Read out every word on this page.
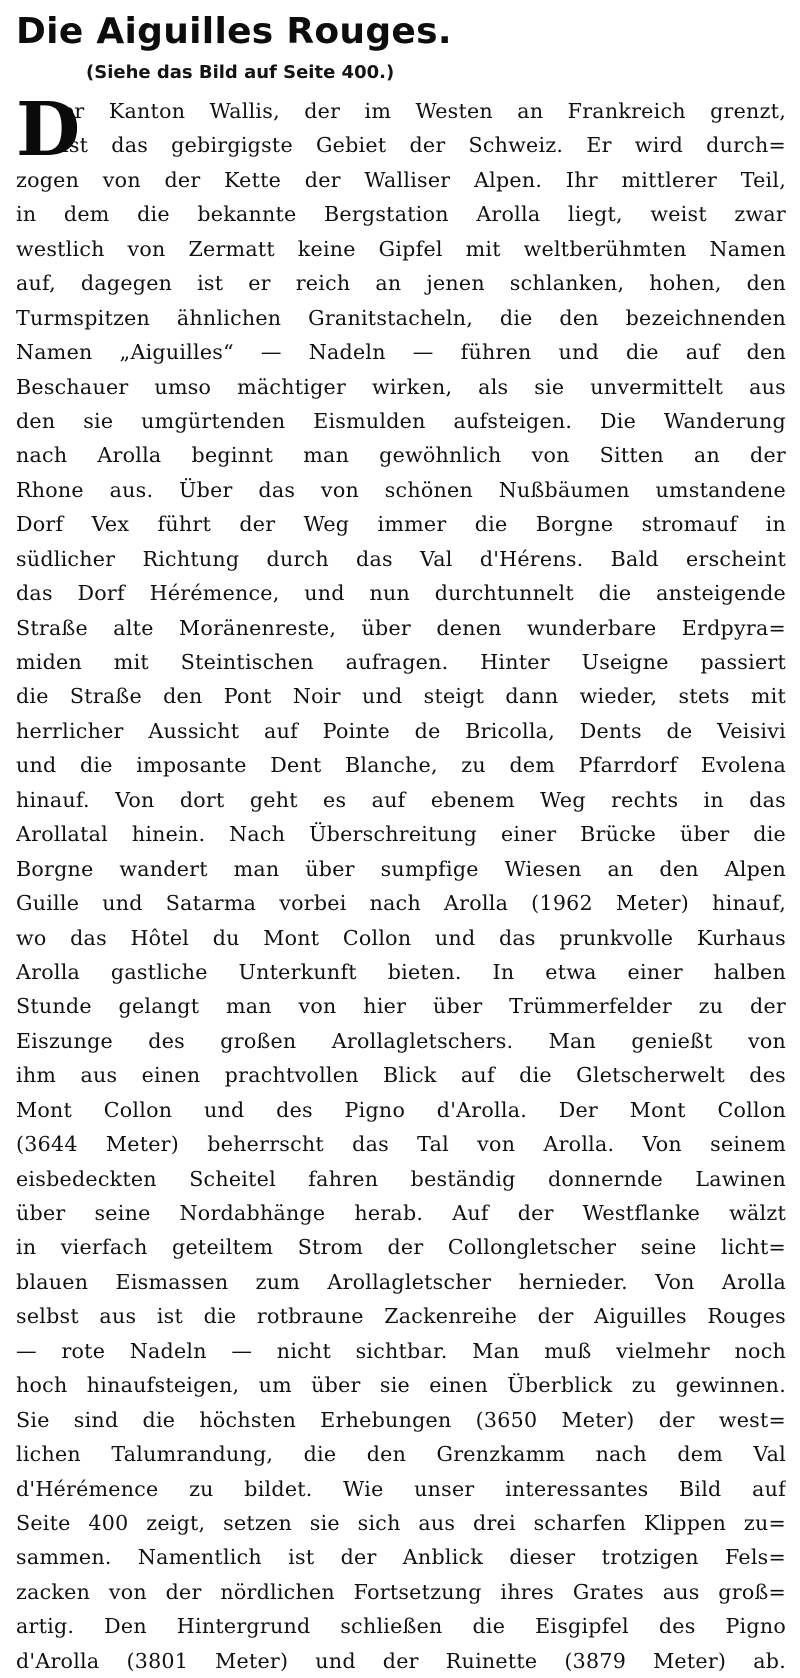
Die Aiguilles Rouges.
(Siehe das Bild auf Seite 400.)
D
er Kanton Wallis, der im Westen an Frankreich grenzt,
ist das gebirgigste Gebiet der Schweiz. Er wird durch=
zogen von der Kette der Walliser Alpen. Ihr mittlerer Teil,
in dem die bekannte Bergstation Arolla liegt, weist zwar
westlich von Zermatt keine Gipfel mit weltberühmten Namen
auf, dagegen ist er reich an jenen schlanken, hohen, den
Turmspitzen ähnlichen Granitstacheln, die den bezeichnenden
Namen „Aiguilles“ — Nadeln — führen und die auf den
Beschauer umso mächtiger wirken, als sie unvermittelt aus
den sie umgürtenden Eismulden aufsteigen. Die Wanderung
nach Arolla beginnt man gewöhnlich von Sitten an der
Rhone aus. Über das von schönen Nußbäumen umstandene
Dorf Vex führt der Weg immer die Borgne stromauf in
südlicher Richtung durch das Val d'Hérens. Bald erscheint
das Dorf Hérémence, und nun durchtunnelt die ansteigende
Straße alte Moränenreste, über denen wunderbare Erdpyra=
miden mit Steintischen aufragen. Hinter Useigne passiert
die Straße den Pont Noir und steigt dann wieder, stets mit
herrlicher Aussicht auf Pointe de Bricolla, Dents de Veisivi
und die imposante Dent Blanche, zu dem Pfarrdorf Evolena
hinauf. Von dort geht es auf ebenem Weg rechts in das
Arollatal hinein. Nach Überschreitung einer Brücke über die
Borgne wandert man über sumpfige Wiesen an den Alpen
Guille und Satarma vorbei nach Arolla (1962 Meter) hinauf,
wo das Hôtel du Mont Collon und das prunkvolle Kurhaus
Arolla gastliche Unterkunft bieten. In etwa einer halben
Stunde gelangt man von hier über Trümmerfelder zu der
Eiszunge des großen Arollagletschers. Man genießt von
ihm aus einen prachtvollen Blick auf die Gletscherwelt des
Mont Collon und des Pigno d'Arolla. Der Mont Collon
(3644 Meter) beherrscht das Tal von Arolla. Von seinem
eisbedeckten Scheitel fahren beständig donnernde Lawinen
über seine Nordabhänge herab. Auf der Westflanke wälzt
in vierfach geteiltem Strom der Collongletscher seine licht=
blauen Eismassen zum Arollagletscher hernieder. Von Arolla
selbst aus ist die rotbraune Zackenreihe der Aiguilles Rouges
— rote Nadeln — nicht sichtbar. Man muß vielmehr noch
hoch hinaufsteigen, um über sie einen Überblick zu gewinnen.
Sie sind die höchsten Erhebungen (3650 Meter) der west=
lichen Talumrandung, die den Grenzkamm nach dem Val
d'Hérémence zu bildet. Wie unser interessantes Bild auf
Seite 400 zeigt, setzen sie sich aus drei scharfen Klippen zu=
sammen. Namentlich ist der Anblick dieser trotzigen Fels=
zacken von der nördlichen Fortsetzung ihres Grates aus groß=
artig. Den Hintergrund schließen die Eisgipfel des Pigno
d'Arolla (3801 Meter) und der Ruinette (3879 Meter) ab.
